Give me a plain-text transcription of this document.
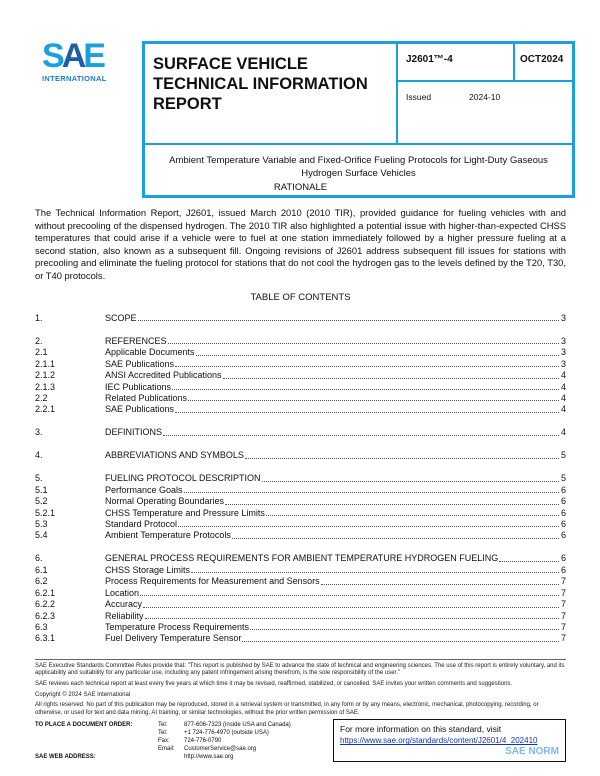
SAE
INTERNATIONAL
SURFACE VEHICLE TECHNICAL INFORMATION REPORT
J2601™-4	OCT2024
Issued	2024-10
Ambient Temperature Variable and Fixed-Orifice Fueling Protocols for Light-Duty Gaseous Hydrogen Surface Vehicles
RATIONALE
The Technical Information Report, J2601, issued March 2010 (2010 TIR), provided guidance for fueling vehicles with and without precooling of the dispensed hydrogen. The 2010 TIR also highlighted a potential issue with higher-than-expected CHSS temperatures that could arise if a vehicle were to fuel at one station immediately followed by a higher pressure fueling at a second station, also known as a subsequent fill. Ongoing revisions of J2601 address subsequent fill issues for stations with precooling and eliminate the fueling protocol for stations that do not cool the hydrogen gas to the levels defined by the T20, T30, or T40 protocols.
TABLE OF CONTENTS
1.	SCOPE	3
2.	REFERENCES	3
2.1	Applicable Documents	3
2.1.1	SAE Publications	3
2.1.2	ANSI Accredited Publications	4
2.1.3	IEC Publications	4
2.2	Related Publications	4
2.2.1	SAE Publications	4
3.	DEFINITIONS	4
4.	ABBREVIATIONS AND SYMBOLS	5
5.	FUELING PROTOCOL DESCRIPTION	5
5.1	Performance Goals	6
5.2	Normal Operating Boundaries	6
5.2.1	CHSS Temperature and Pressure Limits	6
5.3	Standard Protocol	6
5.4	Ambient Temperature Protocols	6
6.	GENERAL PROCESS REQUIREMENTS FOR AMBIENT TEMPERATURE HYDROGEN FUELING	6
6.1	CHSS Storage Limits	6
6.2	Process Requirements for Measurement and Sensors	7
6.2.1	Location	7
6.2.2	Accuracy	7
6.2.3	Reliability	7
6.3	Temperature Process Requirements	7
6.3.1	Fuel Delivery Temperature Sensor	7
SAE Executive Standards Committee Rules provide that: "This report is published by SAE to advance the state of technical and engineering sciences. The use of this report is entirely voluntary, and its applicability and suitability for any particular use, including any patent infringement arising therefrom, is the sole responsibility of the user."
SAE reviews each technical report at least every five years at which time it may be revised, reaffirmed, stabilized, or cancelled. SAE invites your written comments and suggestions.
Copyright © 2024 SAE International
All rights reserved. No part of this publication may be reproduced, stored in a retrieval system or transmitted, in any form or by any means, electronic, mechanical, photocopying, recording, or otherwise, or used for text and data mining, AI training, or similar technologies, without the prior written permission of SAE.
TO PLACE A DOCUMENT ORDER:
SAE WEB ADDRESS:
Tel:	877-606-7323 (inside USA and Canada)
Tel:	+1 724-776-4970 (outside USA)
Fax:	724-776-0790
Email:	CustomerService@sae.org
http://www.sae.org
For more information on this standard, visit
https://www.sae.org/standards/content/J2601/4_202410
SAE NORM
